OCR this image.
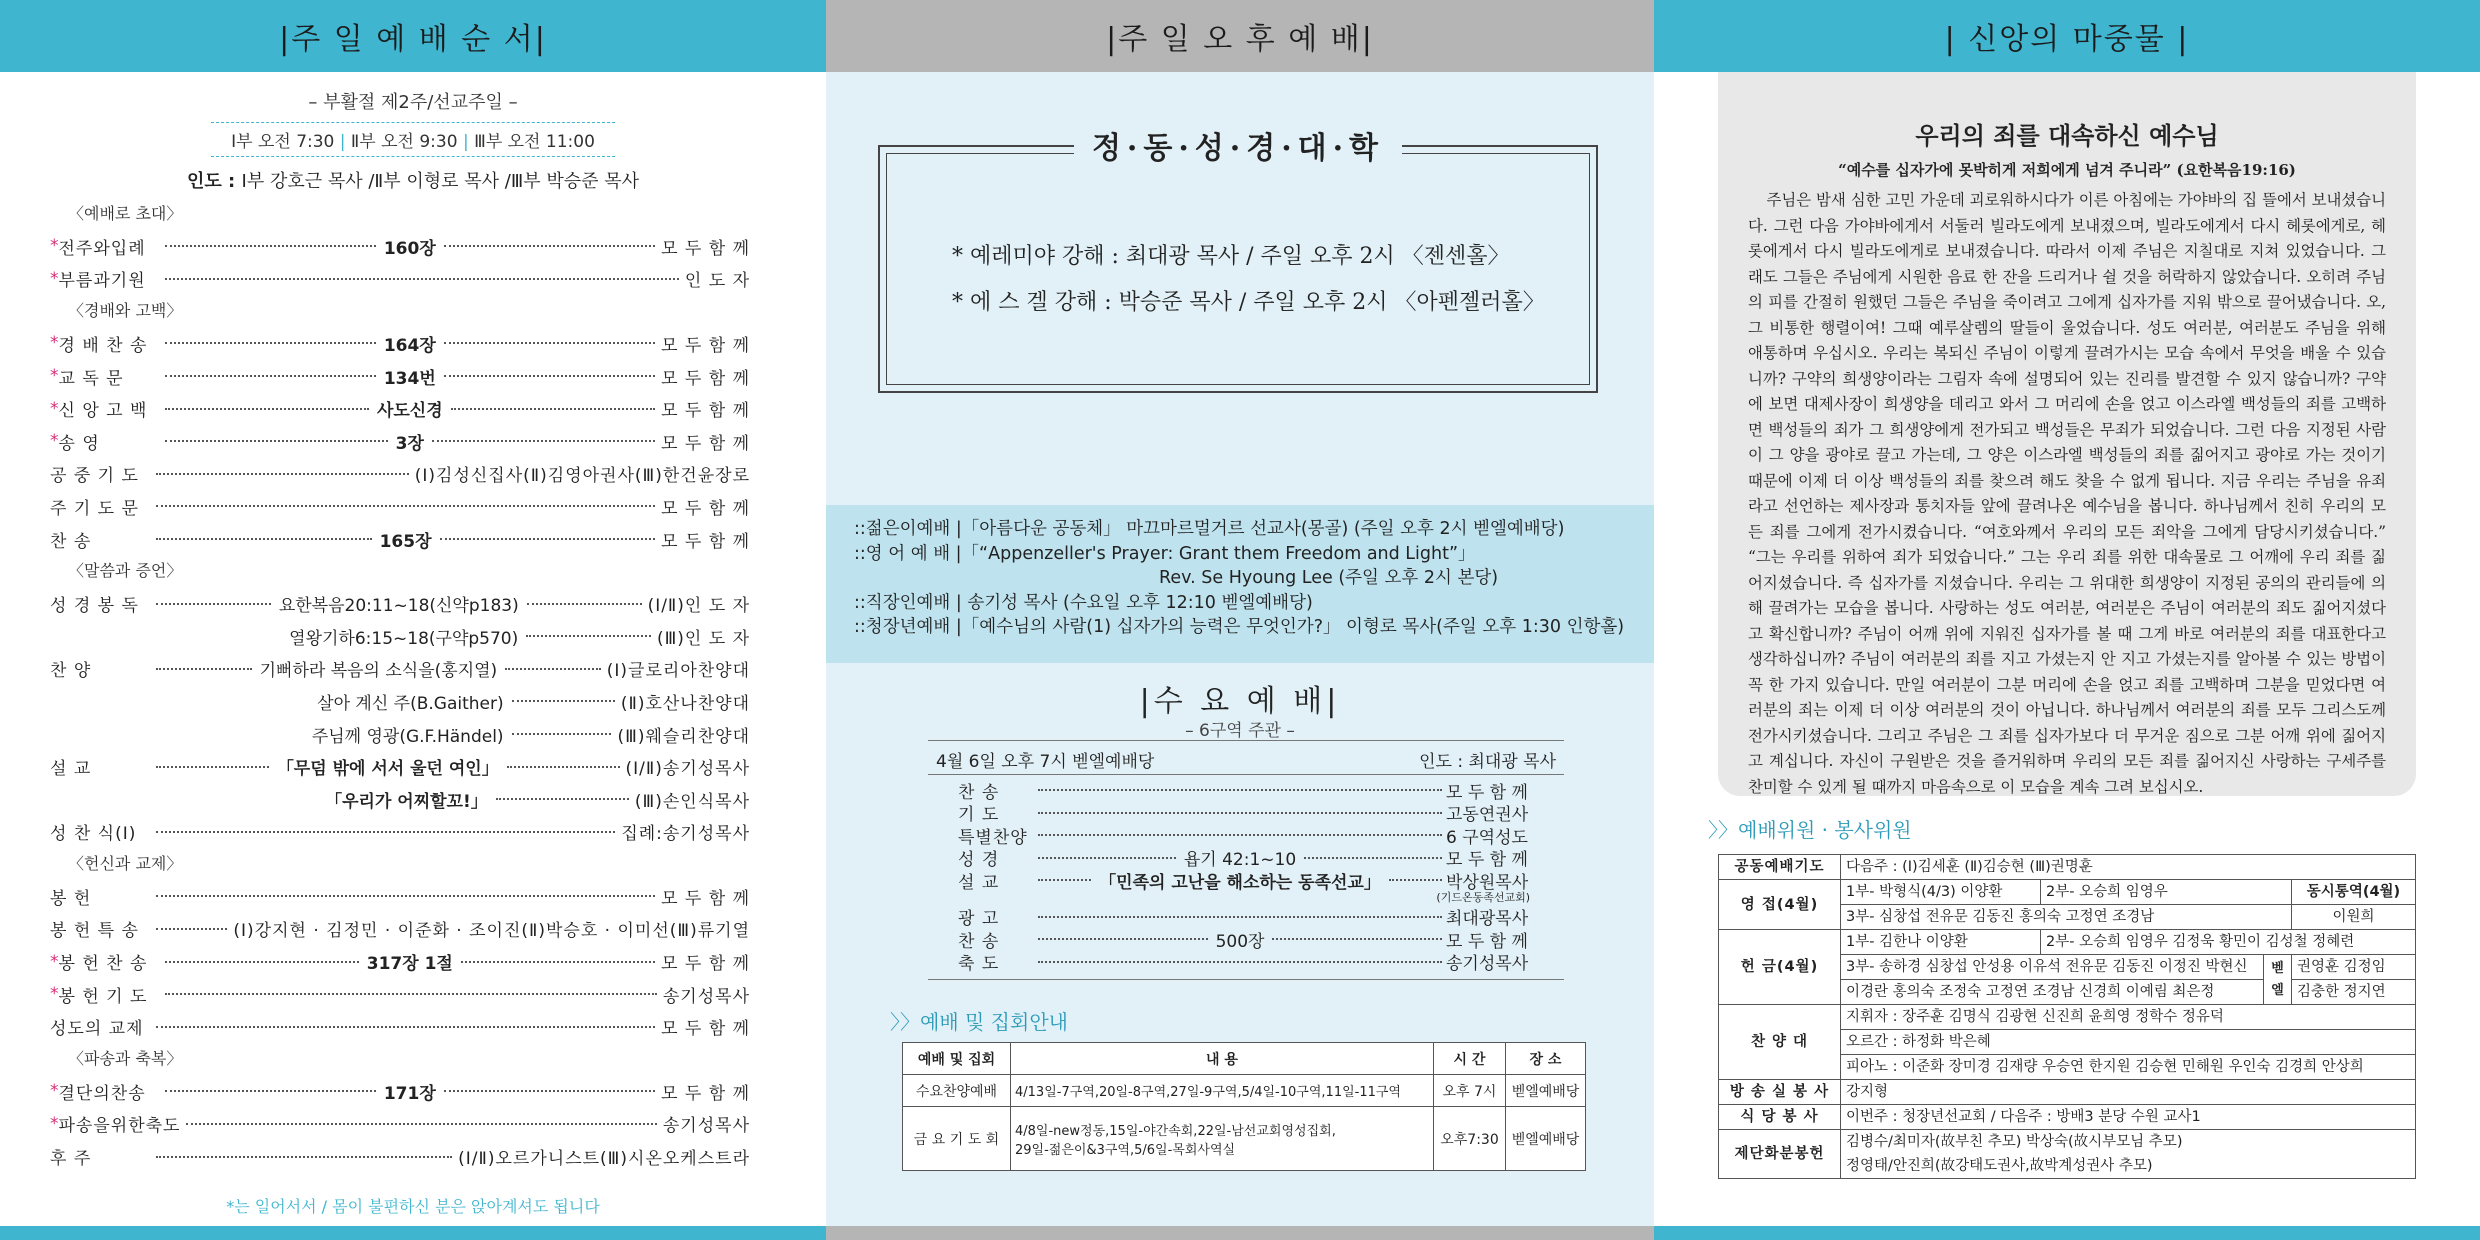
|주 일 예 배 순 서|
– 부활절 제2주/선교주일 –
Ⅰ부 오전 7:30 | Ⅱ부 오전 9:30 | Ⅲ부 오전 11:00
인도 : Ⅰ부 강호근 목사 /Ⅱ부 이형로 목사 /Ⅲ부 박승준 목사
〈예배로 초대〉
* 전주와입례	160장	모 두 함 께
* 부름과기원	인 도 자
〈경배와 고백〉
* 경 배 찬 송	164장	모 두 함 께
* 교 독 문	134번	모 두 함 께
* 신 앙 고 백	사도신경	모 두 함 께
* 송 영	3장	모 두 함 께
공 중 기 도	(Ⅰ)김성신집사(Ⅱ)김영아권사(Ⅲ)한건윤장로
주 기 도 문	모 두 함 께
찬 송	165장	모 두 함 께
〈말씀과 증언〉
성 경 봉 독	요한복음20:11~18(신약p183)	(Ⅰ/Ⅱ)인 도 자
열왕기하6:15~18(구약p570)	(Ⅲ)인 도 자
찬 양	기뻐하라 복음의 소식을(홍지열)	(Ⅰ)글로리아찬양대
살아 계신 주(B.Gaither)	(Ⅱ)호산나찬양대
주님께 영광(G.F.Händel)	(Ⅲ)웨슬리찬양대
설 교	「무덤 밖에 서서 울던 여인」	(Ⅰ/Ⅱ)송기성목사
「우리가 어찌할꼬!」	(Ⅲ)손인식목사
성 찬 식(Ⅰ)	집례:송기성목사
〈헌신과 교제〉
봉 헌	모 두 함 께
봉 헌 특 송	(Ⅰ)강지현 · 김정민 · 이준화 · 조이진(Ⅱ)박승호 · 이미선(Ⅲ)류기열
* 봉 헌 찬 송	317장 1절	모 두 함 께
* 봉 헌 기 도	송기성목사
성도의 교제	모 두 함 께
〈파송과 축복〉
* 결단의찬송	171장	모 두 함 께
* 파송을위한축도	송기성목사
후 주	(Ⅰ/Ⅱ)오르가니스트(Ⅲ)시온오케스트라
*는 일어서서 / 몸이 불편하신 분은 앉아계셔도 됩니다
|주 일 오 후 예 배|
정·동·성·경·대·학
* 예레미야 강해 : 최대광 목사 / 주일 오후 2시 〈젠센홀〉
* 에 스 겔 강해 : 박승준 목사 / 주일 오후 2시 〈아펜젤러홀〉
::젊은이예배 |「아름다운 공동체」 마끄마르멀거르 선교사(몽골) (주일 오후 2시 벧엘예배당)
::영 어 예 배 |「“Appenzeller's Prayer: Grant them Freedom and Light”」
Rev. Se Hyoung Lee (주일 오후 2시 본당)
::직장인예배 | 송기성 목사 (수요일 오후 12:10 벧엘예배당)
::청장년예배 |「예수님의 사람(1) 십자가의 능력은 무엇인가?」 이형로 목사(주일 오후 1:30 인항홀)
|수 요 예 배|
– 6구역 주관 –
4월 6일 오후 7시 벧엘예배당	인도 : 최대광 목사
찬 송	모 두 함 께
기 도	고동연권사
특별찬양	6 구역성도
성 경	욥기 42:1~10	모 두 함 께
설 교	「민족의 고난을 해소하는 동족선교」	박상원목사
(기드온동족선교회)
광 고	최대광목사
찬 송	500장	모 두 함 께
축 도	송기성목사
〉〉예배 및 집회안내
예배 및 집회	내 용	시 간	장 소
수요찬양예배	4/13일-7구역,20일-8구역,27일-9구역,5/4일-10구역,11일-11구역	오후 7시	벧엘예배당
금 요 기 도 회	4/8일-new정동,15일-야간속회,22일-남선교회영성집회,
29일-젊은이&3구역,5/6일-목회사역실	오후7:30	벧엘예배당
| 신앙의 마중물 |
우리의 죄를 대속하신 예수님
“예수를 십자가에 못박히게 저희에게 넘겨 주니라” (요한복음19:16)

주님은 밤새 심한 고민 가운데 괴로워하시다가 이른 아침에는 가야바의 집 뜰에서 보내셨습니다. 그런 다음 가야바에게서 서둘러 빌라도에게 보내졌으며, 빌라도에게서 다시 헤롯에게로, 헤롯에게서 다시 빌라도에게로 보내졌습니다. 따라서 이제 주님은 지칠대로 지쳐 있었습니다. 그래도 그들은 주님에게 시원한 음료 한 잔을 드리거나 쉴 것을 허락하지 않았습니다. 오히려 주님의 피를 간절히 원했던 그들은 주님을 죽이려고 그에게 십자가를 지워 밖으로 끌어냈습니다. 오, 그 비통한 행렬이여! 그때 예루살렘의 딸들이 울었습니다. 성도 여러분, 여러분도 주님을 위해 애통하며 우십시오. 우리는 복되신 주님이 이렇게 끌려가시는 모습 속에서 무엇을 배울 수 있습니까? 구약의 희생양이라는 그림자 속에 설명되어 있는 진리를 발견할 수 있지 않습니까? 구약에 보면 대제사장이 희생양을 데리고 와서 그 머리에 손을 얹고 이스라엘 백성들의 죄를 고백하면 백성들의 죄가 그 희생양에게 전가되고 백성들은 무죄가 되었습니다. 그런 다음 지정된 사람이 그 양을 광야로 끌고 가는데, 그 양은 이스라엘 백성들의 죄를 짊어지고 광야로 가는 것이기 때문에 이제 더 이상 백성들의 죄를 찾으려 해도 찾을 수 없게 됩니다. 지금 우리는 주님을 유죄라고 선언하는 제사장과 통치자들 앞에 끌려나온 예수님을 봅니다. 하나님께서 친히 우리의 모든 죄를 그에게 전가시켰습니다. “여호와께서 우리의 모든 죄악을 그에게 담당시키셨습니다.” “그는 우리를 위하여 죄가 되었습니다.” 그는 우리 죄를 위한 대속물로 그 어깨에 우리 죄를 짊어지셨습니다. 즉 십자가를 지셨습니다. 우리는 그 위대한 희생양이 지정된 공의의 관리들에 의해 끌려가는 모습을 봅니다. 사랑하는 성도 여러분, 여러분은 주님이 여러분의 죄도 짊어지셨다고 확신합니까? 주님이 어깨 위에 지워진 십자가를 볼 때 그게 바로 여러분의 죄를 대표한다고 생각하십니까? 주님이 여러분의 죄를 지고 가셨는지 안 지고 가셨는지를 알아볼 수 있는 방법이 꼭 한 가지 있습니다. 만일 여러분이 그분 머리에 손을 얹고 죄를 고백하며 그분을 믿었다면 여러분의 죄는 이제 더 이상 여러분의 것이 아닙니다. 하나님께서 여러분의 죄를 모두 그리스도께 전가시키셨습니다. 그리고 주님은 그 죄를 십자가보다 더 무거운 짐으로 그분 어깨 위에 짊어지고 계십니다. 자신이 구원받은 것을 즐거워하며 우리의 모든 죄를 짊어지신 사랑하는 구세주를 찬미할 수 있게 될 때까지 마음속으로 이 모습을 계속 그려 보십시오.

〉〉예배위원 · 봉사위원
공동예배기도	다음주 : (Ⅰ)김세훈 (Ⅱ)김승현 (Ⅲ)권명훈			
영 접(4월)	1부- 박형식(4/3) 이양환	2부- 오승희 임영우		동시통역(4월)
	3부- 심창섭 전유문 김동진 홍의숙 고정연 조경남			이원희
헌 금(4월)	1부- 김한나 이양환	2부- 오승희 임영우 김정욱 황민이 김성철 정혜련		
	3부- 송하경 심창섭 안성용 이유석 전유문 김동진 이정진 박현신		벧엘	권영훈 김정임
	이경란 홍의숙 조정숙 고정연 조경남 신경희 이예림 최은정			김충한 정지연
찬 양 대	지휘자 : 장주훈 김명식 김광현 신진희 윤희영 정학수 정유덕			
	오르간 : 하정화 박은혜			
	피아노 : 이준화 장미경 김재량 우승연 한지원 김승현 민해원 우인숙 김경희 안상희			
방 송 실 봉 사	강지형			
식 당 봉 사	이번주 : 청장년선교회 / 다음주 : 방배3 분당 수원 교사1			
제단화분봉헌	김병수/최미자(故부친 추모) 박상숙(故시부모님 추모)			
	정영태/안진희(故강태도권사,故박계성권사 추모)			
